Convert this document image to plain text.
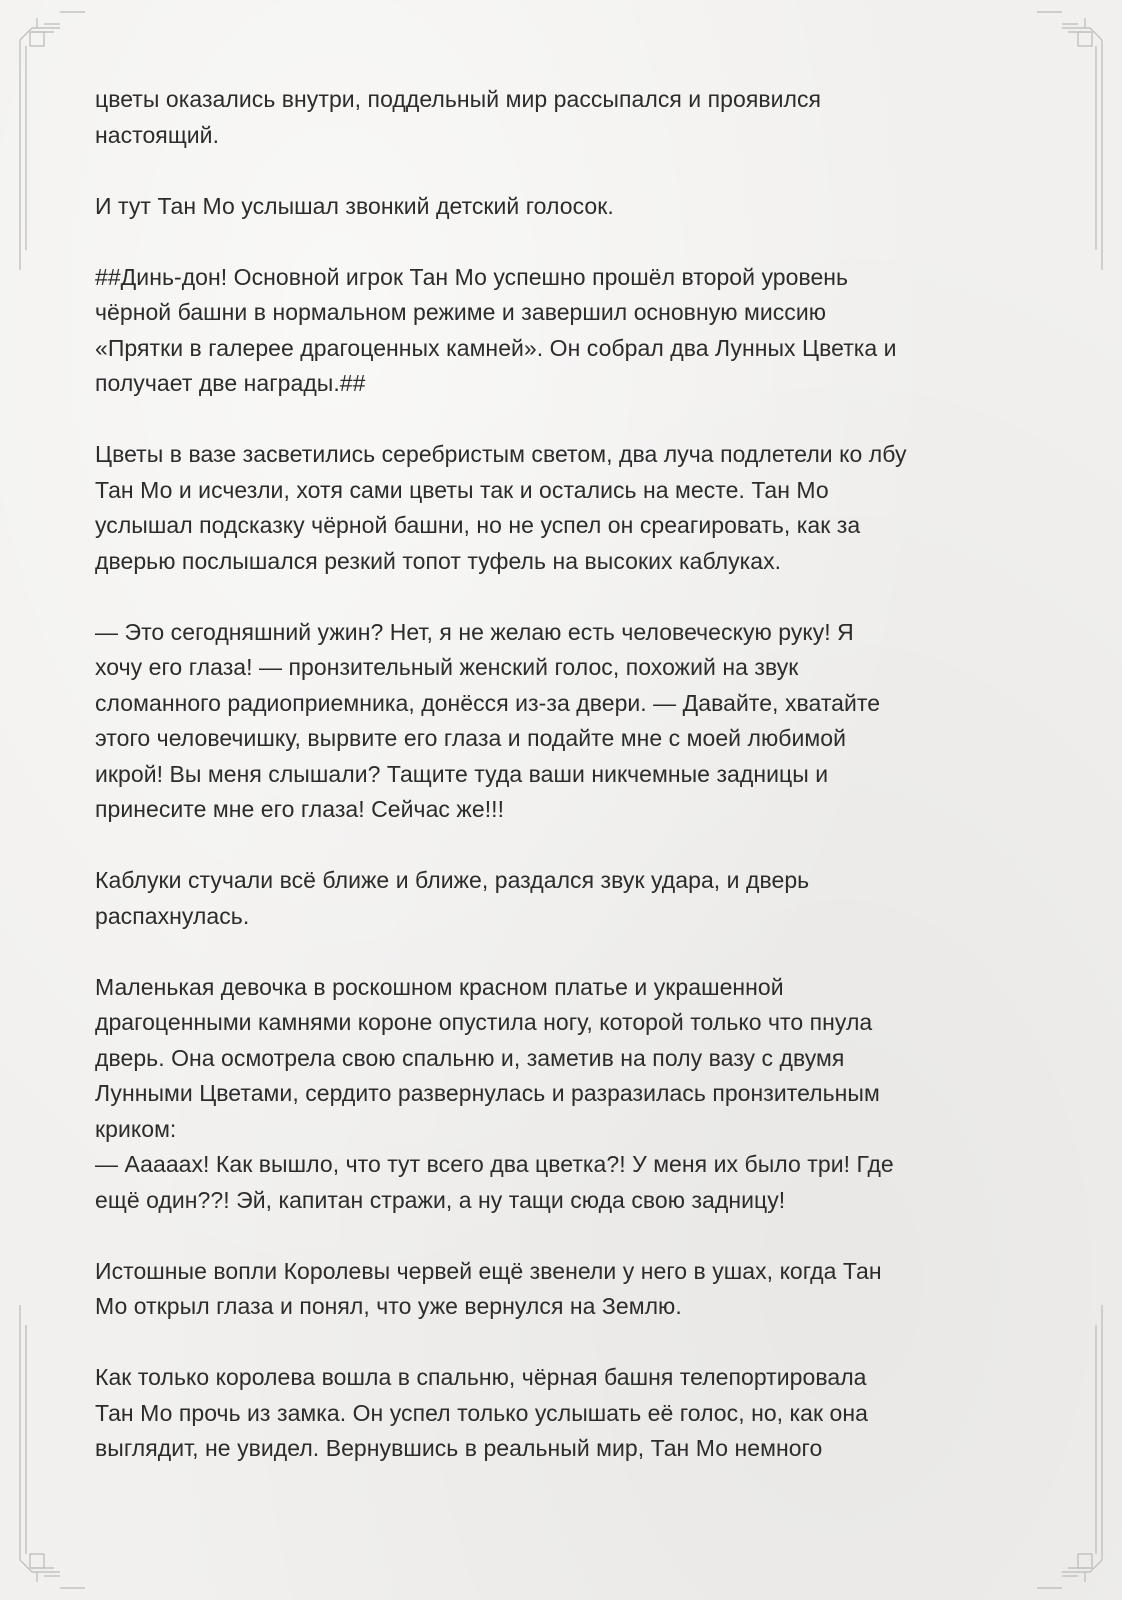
цветы оказались внутри, поддельный мир рассыпался и проявился
настоящий.

И тут Тан Мо услышал звонкий детский голосок.

##Динь-дон! Основной игрок Тан Мо успешно прошёл второй уровень
чёрной башни в нормальном режиме и завершил основную миссию
«Прятки в галерее драгоценных камней». Он собрал два Лунных Цветка и
получает две награды.##

Цветы в вазе засветились серебристым светом, два луча подлетели ко лбу
Тан Мо и исчезли, хотя сами цветы так и остались на месте. Тан Мо
услышал подсказку чёрной башни, но не успел он среагировать, как за
дверью послышался резкий топот туфель на высоких каблуках.

— Это сегодняшний ужин? Нет, я не желаю есть человеческую руку! Я
хочу его глаза! — пронзительный женский голос, похожий на звук
сломанного радиоприемника, донёсся из-за двери. — Давайте, хватайте
этого человечишку, вырвите его глаза и подайте мне с моей любимой
икрой! Вы меня слышали? Тащите туда ваши никчемные задницы и
принесите мне его глаза! Сейчас же!!!

Каблуки стучали всё ближе и ближе, раздался звук удара, и дверь
распахнулась.

Маленькая девочка в роскошном красном платье и украшенной
драгоценными камнями короне опустила ногу, которой только что пнула
дверь. Она осмотрела свою спальню и, заметив на полу вазу с двумя
Лунными Цветами, сердито развернулась и разразилась пронзительным
криком:

— Аааааx! Как вышло, что тут всего два цветка?! У меня их было три! Где
ещё один??! Эй, капитан стражи, а ну тащи сюда свою задницу!

Истошные вопли Королевы червей ещё звенели у него в ушах, когда Тан
Мо открыл глаза и понял, что уже вернулся на Землю.

Как только королева вошла в спальню, чёрная башня телепортировала
Тан Мо прочь из замка. Он успел только услышать её голос, но, как она
выглядит, не увидел. Вернувшись в реальный мир, Тан Мо немного
